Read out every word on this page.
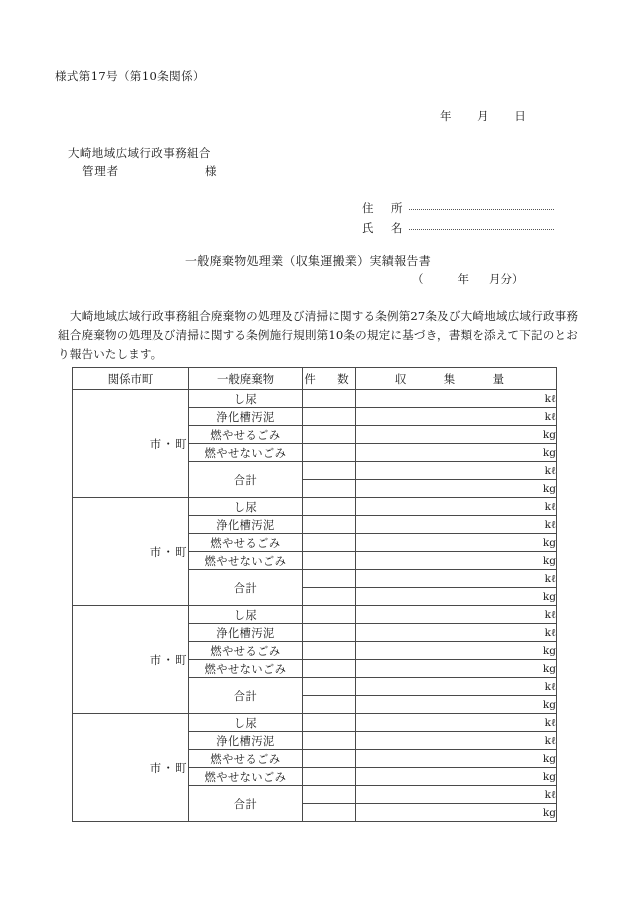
様式第17号（第10条関係）
年 月 日
大崎地域広域行政事務組合
管理者	様
住　所
氏　名
一般廃棄物処理業（収集運搬業）実績報告書
（	年 月分）
大崎地域広域行政事務組合廃棄物の処理及び清掃に関する条例第27条及び大崎地域広域行政事務組合廃棄物の処理及び清掃に関する条例施行規則第10条の規定に基づき，書類を添えて下記のとおり報告いたします。
関係市町	一般廃棄物	件　数	収　集　量
市・町	し尿		kℓ
	浄化槽汚泥		kℓ
	燃やせるごみ		kg
	燃やせないごみ		kg
	合計		kℓ
			kg
市・町	し尿		kℓ
	浄化槽汚泥		kℓ
	燃やせるごみ		kg
	燃やせないごみ		kg
	合計		kℓ
			kg
市・町	し尿		kℓ
	浄化槽汚泥		kℓ
	燃やせるごみ		kg
	燃やせないごみ		kg
	合計		kℓ
			kg
市・町	し尿		kℓ
	浄化槽汚泥		kℓ
	燃やせるごみ		kg
	燃やせないごみ		kg
	合計		kℓ
			kg
